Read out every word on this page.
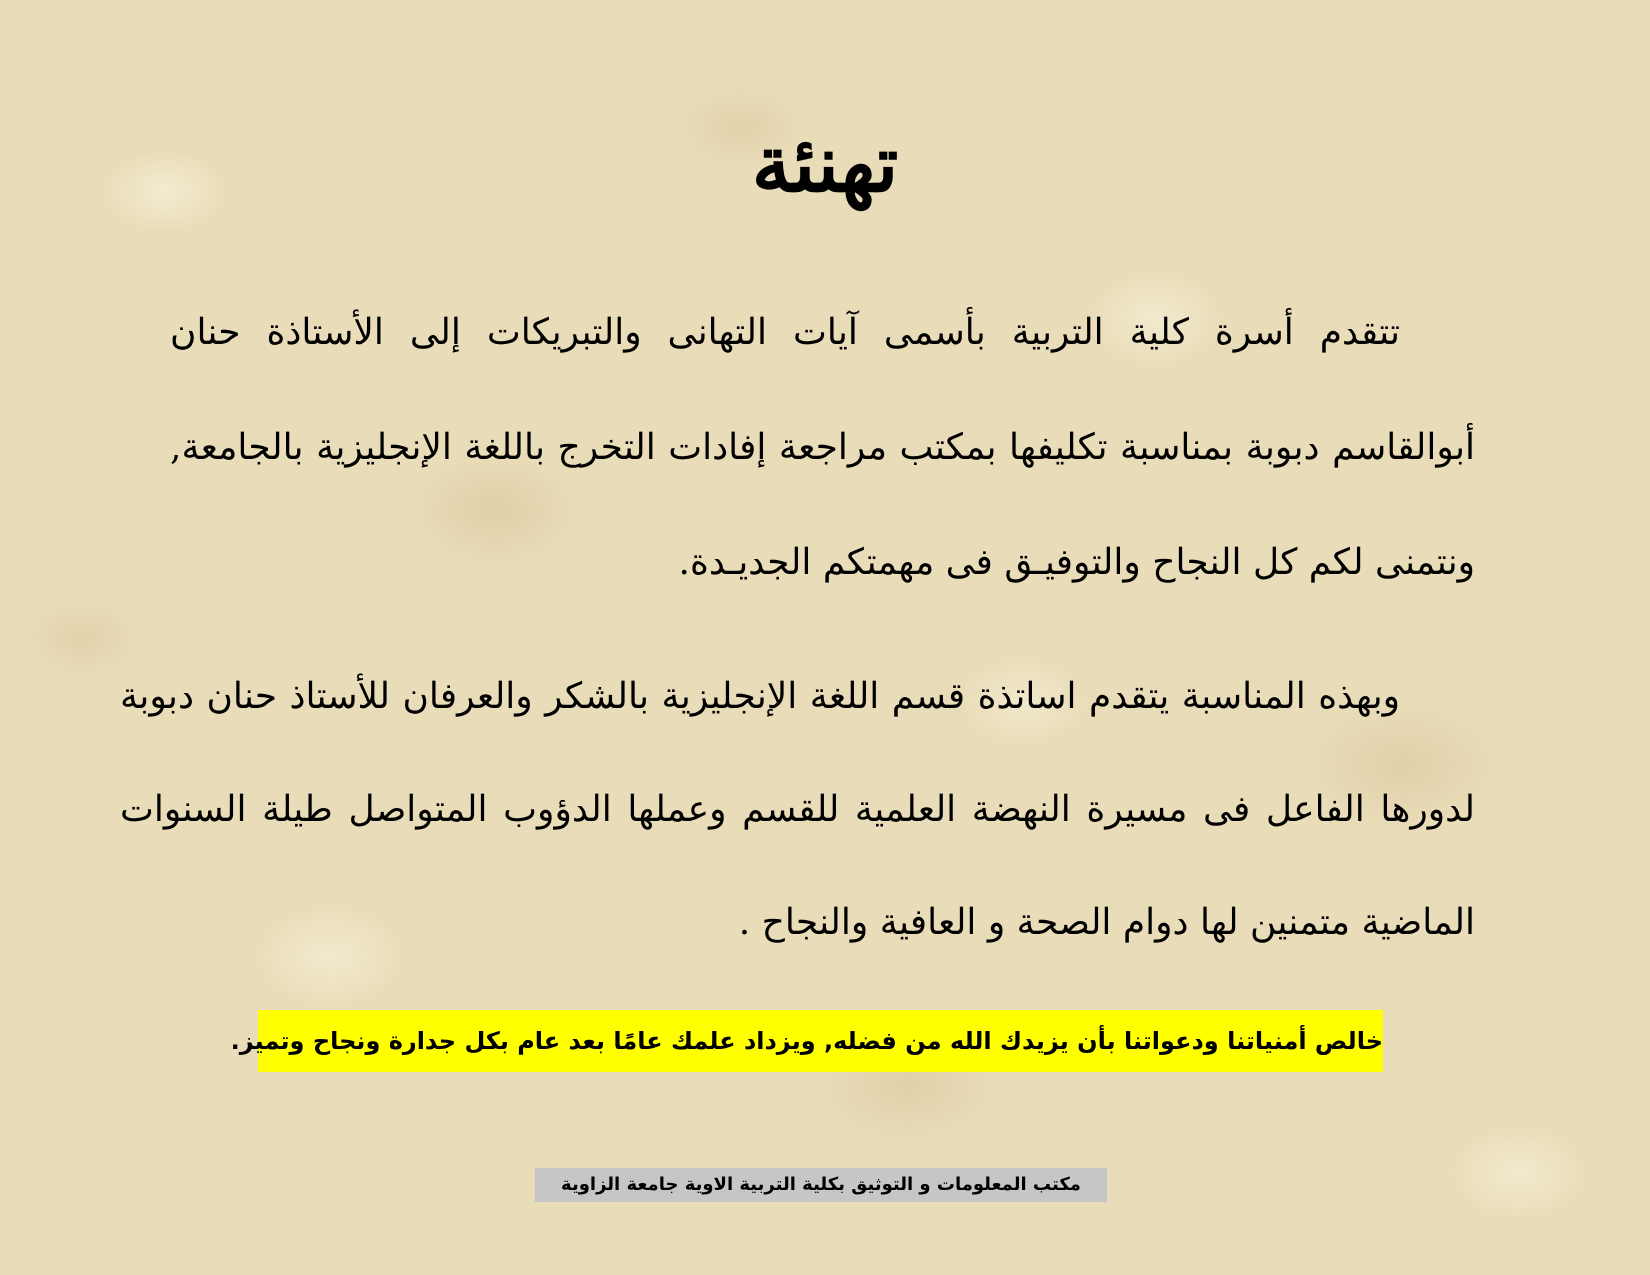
تهنئة

تتقدم أسرة كلية التربية بأسمى آيات التهانى والتبريكات إلى الأستاذة حنان أبوالقاسم دبوبة بمناسبة تكليفها بمكتب مراجعة إفادات التخرج باللغة الإنجليزية بالجامعة, ونتمنى لكم كل النجاح والتوفيـق فى مهمتكم الجديـدة.

وبهذه المناسبة يتقدم اساتذة قسم اللغة الإنجليزية بالشكر والعرفان للأستاذ حنان دبوبة لدورها الفاعل فى مسيرة النهضة العلمية للقسم وعملها الدؤوب المتواصل طيلة السنوات الماضية متمنين لها دوام الصحة و العافية والنجاح .

خالص أمنياتنا ودعواتنا بأن يزيدك الله من فضله, ويزداد علمك عامًا بعد عام بكل جدارة ونجاح وتميز.
مكتب المعلومات و التوثيق بكلية التربية الاوية جامعة الزاوية
